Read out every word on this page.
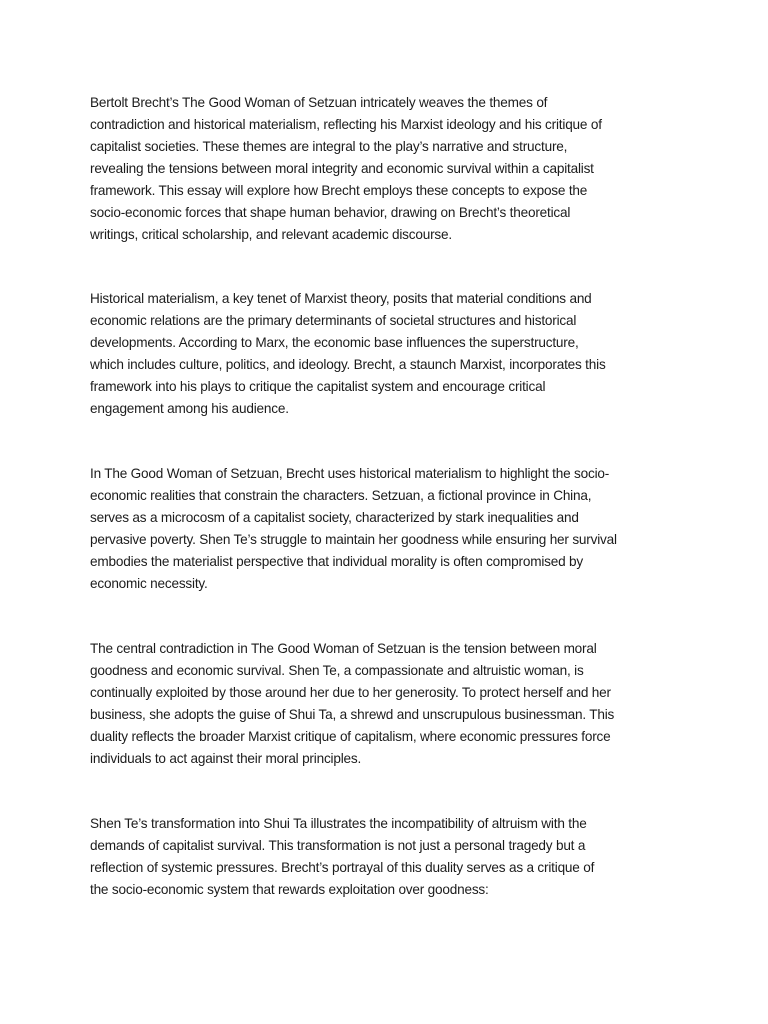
Bertolt Brecht’s The Good Woman of Setzuan intricately weaves the themes of
contradiction and historical materialism, reflecting his Marxist ideology and his critique of
capitalist societies. These themes are integral to the play’s narrative and structure,
revealing the tensions between moral integrity and economic survival within a capitalist
framework. This essay will explore how Brecht employs these concepts to expose the
socio-economic forces that shape human behavior, drawing on Brecht’s theoretical
writings, critical scholarship, and relevant academic discourse.

Historical materialism, a key tenet of Marxist theory, posits that material conditions and
economic relations are the primary determinants of societal structures and historical
developments. According to Marx, the economic base influences the superstructure,
which includes culture, politics, and ideology. Brecht, a staunch Marxist, incorporates this
framework into his plays to critique the capitalist system and encourage critical
engagement among his audience.

In The Good Woman of Setzuan, Brecht uses historical materialism to highlight the socio-
economic realities that constrain the characters. Setzuan, a fictional province in China,
serves as a microcosm of a capitalist society, characterized by stark inequalities and
pervasive poverty. Shen Te’s struggle to maintain her goodness while ensuring her survival
embodies the materialist perspective that individual morality is often compromised by
economic necessity.

The central contradiction in The Good Woman of Setzuan is the tension between moral
goodness and economic survival. Shen Te, a compassionate and altruistic woman, is
continually exploited by those around her due to her generosity. To protect herself and her
business, she adopts the guise of Shui Ta, a shrewd and unscrupulous businessman. This
duality reflects the broader Marxist critique of capitalism, where economic pressures force
individuals to act against their moral principles.

Shen Te’s transformation into Shui Ta illustrates the incompatibility of altruism with the
demands of capitalist survival. This transformation is not just a personal tragedy but a
reflection of systemic pressures. Brecht’s portrayal of this duality serves as a critique of
the socio-economic system that rewards exploitation over goodness:
